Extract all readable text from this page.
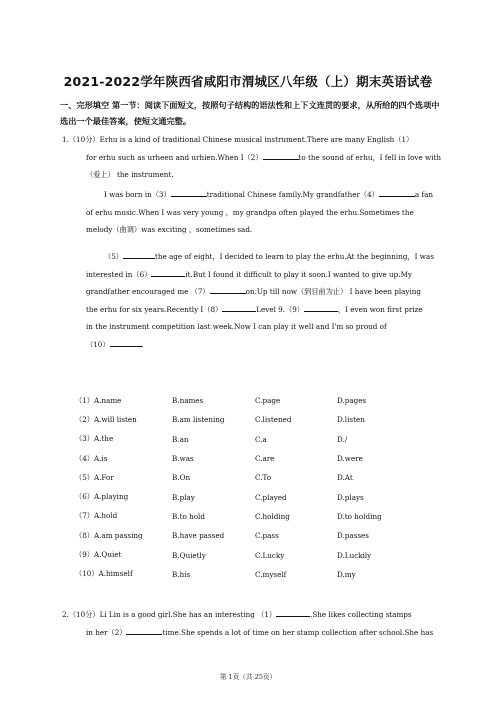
2021-2022学年陕西省咸阳市渭城区八年级（上）期末英语试卷
一、完形填空 第一节：阅读下面短文，按照句子结构的语法性和上下文连贯的要求，从所给的四个选项中选出一个最佳答案，使短文通完整。
1.（10分）Erhu is a kind of traditional Chinese musical instrument.There are many English（1）
for erhu such as urheen and urhien.When I（2）	to the sound of erhu，I fell in love with
（爱上） the instrument.
I was born in（3）	traditional Chinese family.My grandfather（4）	a fan
of erhu music.When I was very young ，my grandpa often played the erhu.Sometimes the
melody（曲调）was exciting ，sometimes sad.
（5）	the age of eight，I decided to learn to play the erhu.At the beginning，I was
interested in（6）	it.But I found it difficult to play it soon.I wanted to give up.My
grandfather encouraged me （7）	on.Up till now（到目前为止） I have been playing
the erhu for six years.Recently I（8）	Level 9.（9）	，I even won first prize
in the instrument competition last week.Now I can play it well and I'm so proud of
（10）	.
（1）A.name	B.names	C.page	D.pages
（2）A.will listen	B.am listening	C.listened	D.listen
（3）A.the	B.an	C.a	D./
（4）A.is	B.was	C.are	D.were
（5）A.For	B.On	C.To	D.At
（6）A.playing	B.play	C.played	D.plays
（7）A.hold	B.to hold	C.holding	D.to holding
（8）A.am passing	B.have passed	C.pass	D.passes
（9）A.Quiet	B.Quietly	C.Lucky	D.Luckily
（10）A.himself	B.his	C.myself	D.my
2.（10分）Li Lin is a good girl.She has an interesting （1）	.She likes collecting stamps
in her（2）	time.She spends a lot of time on her stamp collection after school.She has
第 1页（共 25页）
